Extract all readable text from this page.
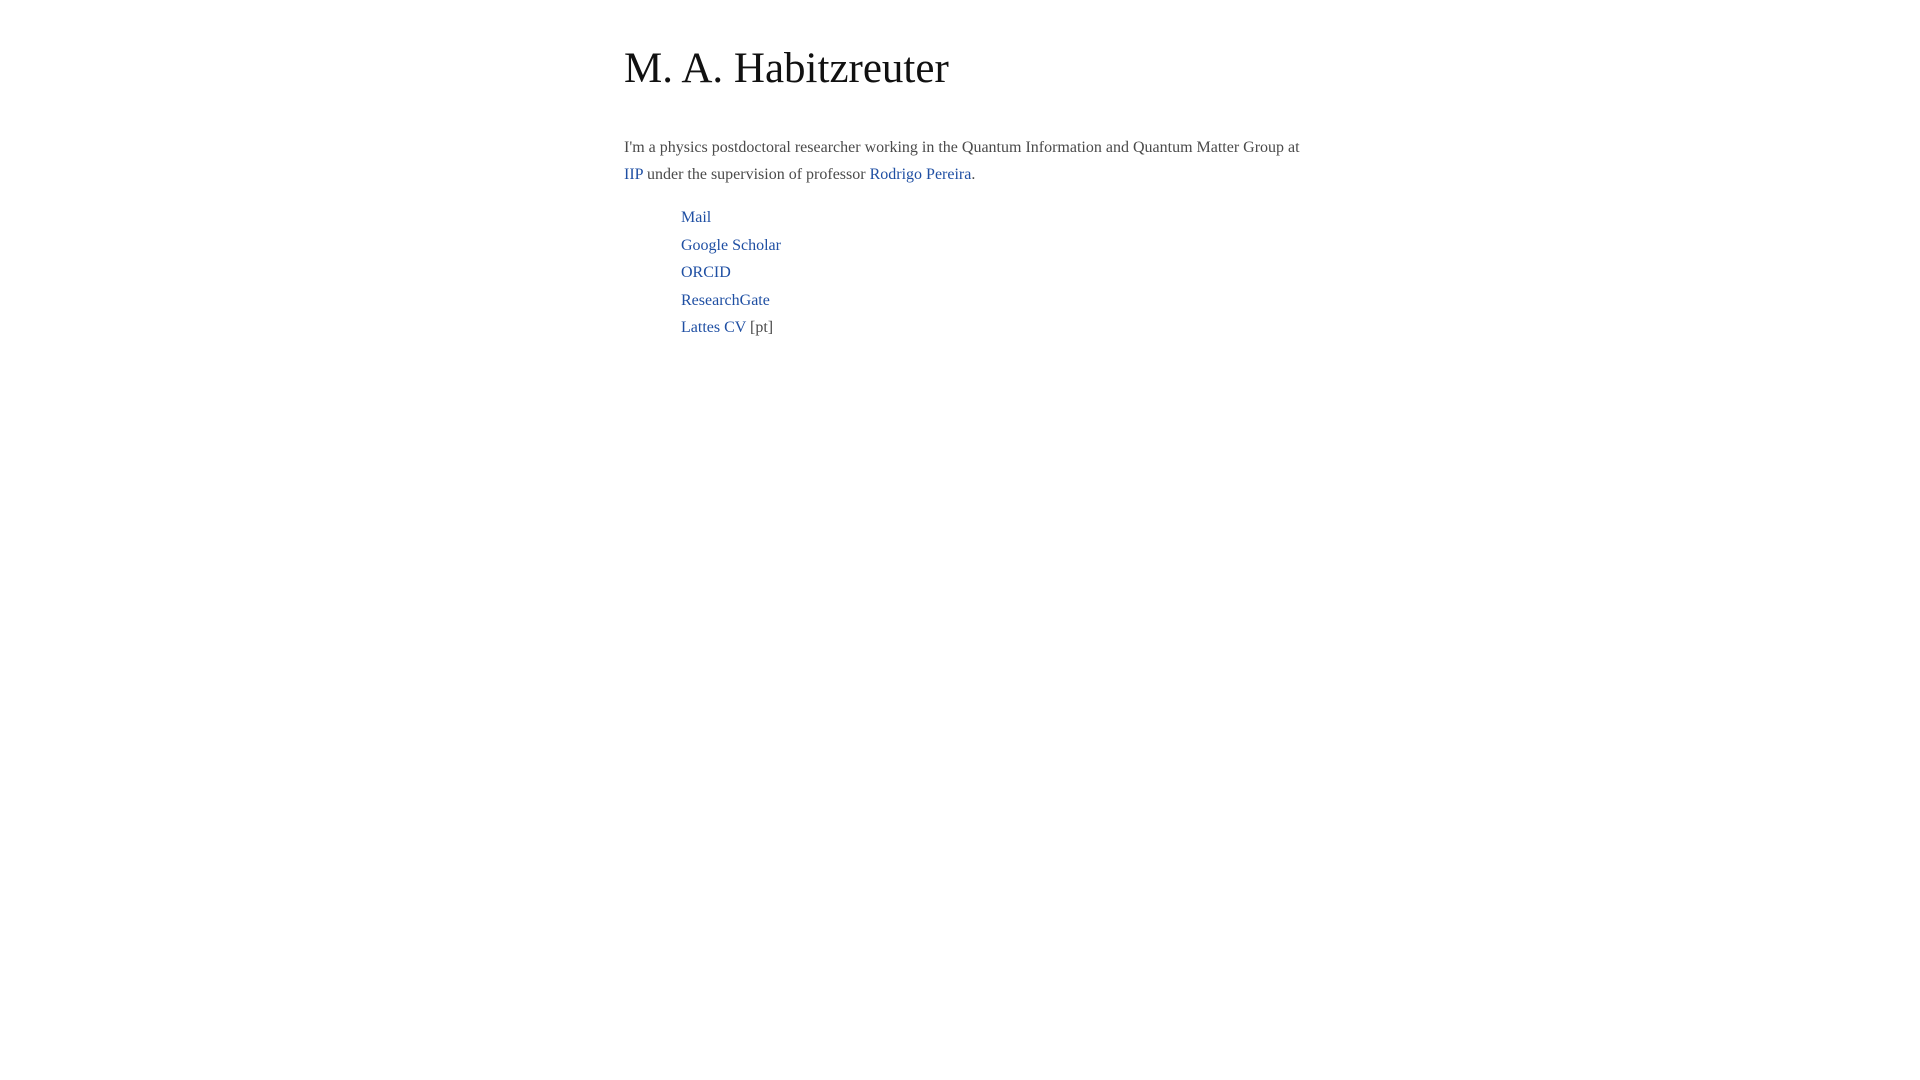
M. A. Habitzreuter

I'm a physics postdoctoral researcher working in the Quantum Information and Quantum Matter Group at IIP under the supervision of professor Rodrigo Pereira.

Mail
Google Scholar
ORCID
ResearchGate
Lattes CV [pt]
